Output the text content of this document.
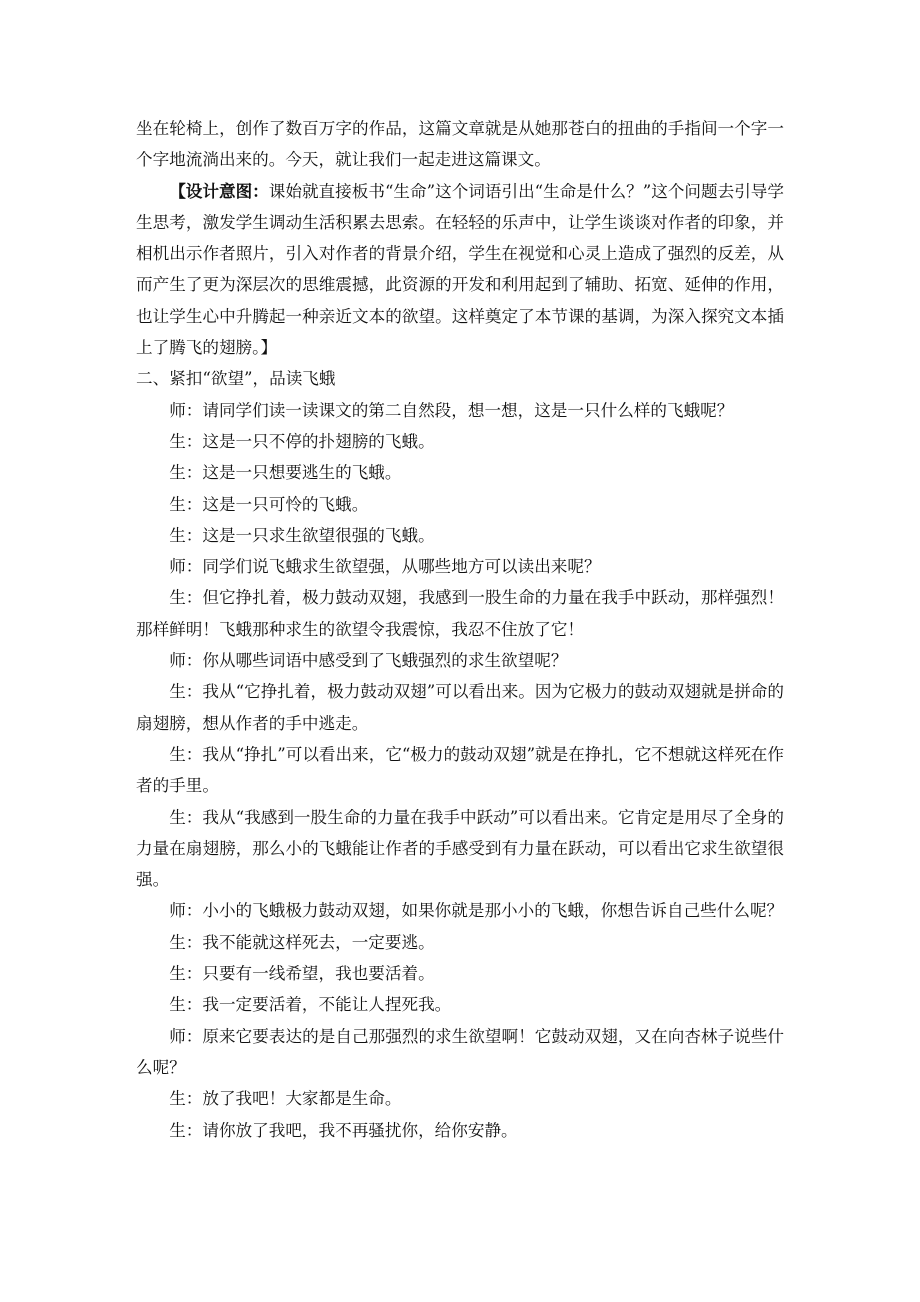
坐在轮椅上，创作了数百万字的作品，这篇文章就是从她那苍白的扭曲的手指间一个字一个字地流淌出来的。今天，就让我们一起走进这篇课文。

【设计意图：课始就直接板书“生命”这个词语引出“生命是什么？”这个问题去引导学生思考，激发学生调动生活积累去思索。在轻轻的乐声中，让学生谈谈对作者的印象，并相机出示作者照片，引入对作者的背景介绍，学生在视觉和心灵上造成了强烈的反差，从而产生了更为深层次的思维震撼，此资源的开发和利用起到了辅助、拓宽、延伸的作用，也让学生心中升腾起一种亲近文本的欲望。这样奠定了本节课的基调，为深入探究文本插上了腾飞的翅膀。】

二、紧扣“欲望”，品读飞蛾

师：请同学们读一读课文的第二自然段，想一想，这是一只什么样的飞蛾呢？

生：这是一只不停的扑翅膀的飞蛾。

生：这是一只想要逃生的飞蛾。

生：这是一只可怜的飞蛾。

生：这是一只求生欲望很强的飞蛾。

师：同学们说飞蛾求生欲望强，从哪些地方可以读出来呢？

生：但它挣扎着，极力鼓动双翅，我感到一股生命的力量在我手中跃动，那样强烈！那样鲜明！飞蛾那种求生的欲望令我震惊，我忍不住放了它！

师：你从哪些词语中感受到了飞蛾强烈的求生欲望呢？

生：我从“它挣扎着，极力鼓动双翅”可以看出来。因为它极力的鼓动双翅就是拼命的扇翅膀，想从作者的手中逃走。

生：我从“挣扎”可以看出来，它“极力的鼓动双翅”就是在挣扎，它不想就这样死在作者的手里。

生：我从“我感到一股生命的力量在我手中跃动”可以看出来。它肯定是用尽了全身的力量在扇翅膀，那么小的飞蛾能让作者的手感受到有力量在跃动，可以看出它求生欲望很强。

师：小小的飞蛾极力鼓动双翅，如果你就是那小小的飞蛾，你想告诉自己些什么呢？

生：我不能就这样死去，一定要逃。

生：只要有一线希望，我也要活着。

生：我一定要活着，不能让人捏死我。

师：原来它要表达的是自己那强烈的求生欲望啊！它鼓动双翅，又在向杏林子说些什么呢？

生：放了我吧！大家都是生命。

生：请你放了我吧，我不再骚扰你，给你安静。
